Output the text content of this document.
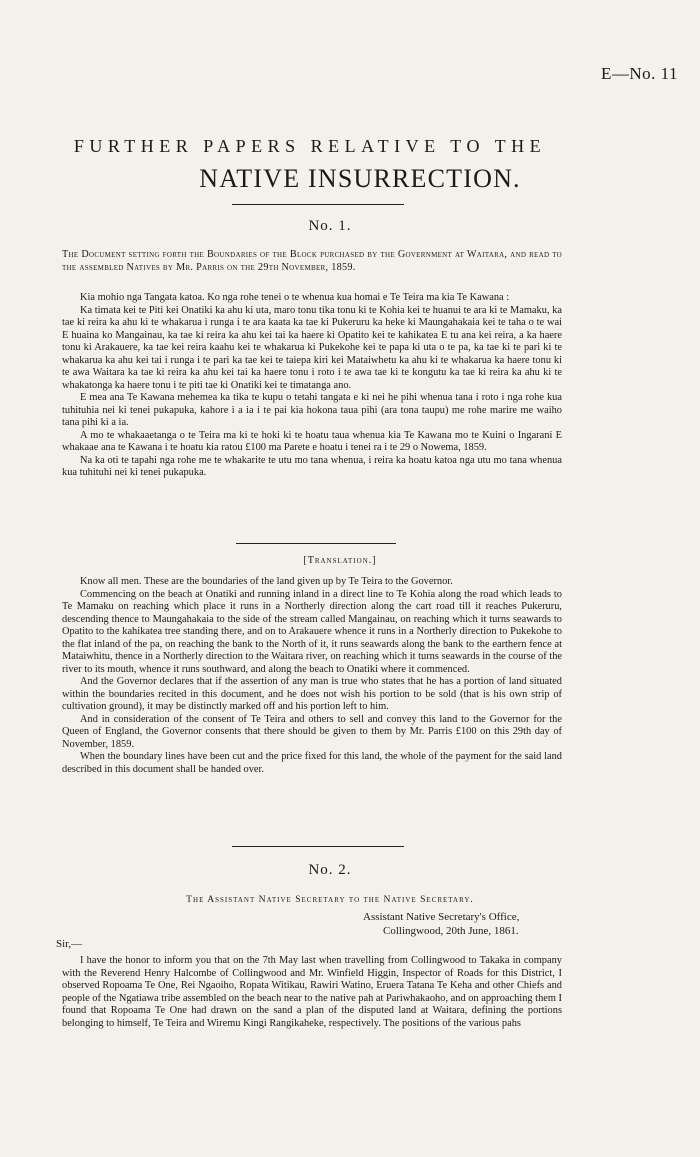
E—No. 11
FURTHER PAPERS RELATIVE TO THE
NATIVE INSURRECTION.
No. 1.
The Document setting forth the Boundaries of the Block purchased by the Government at Waitara, and read to the assembled Natives by Mr. Parris on the 29th November, 1859.

Kia mohio nga Tangata katoa. Ko nga rohe tenei o te whenua kua homai e Te Teira ma kia Te Kawana :

Ka timata kei te Piti kei Onatiki ka ahu ki uta, maro tonu tika tonu ki te Kohia kei te huanui te ara ki te Mamaku, ka tae ki reira ka ahu ki te whakarua i runga i te ara kaata ka tae ki Pukeruru ka heke ki Maungahakaia kei te taha o te wai E huaina ko Mangainau, ka tae ki reira ka ahu kei tai ka haere ki Opatito kei te kahikatea E tu ana kei reira, a ka haere tonu ki Arakauere, ka tae kei reira kaahu kei te whakarua ki Pukekohe kei te papa ki uta o te pa, ka tae ki te pari ki te whakarua ka ahu kei tai i runga i te pari ka tae kei te taiepa kiri kei Mataiwhetu ka ahu ki te whakarua ka haere tonu ki te awa Waitara ka tae ki reira ka ahu kei tai ka haere tonu i roto i te awa tae ki te kongutu ka tae ki reira ka ahu ki te whakatonga ka haere tonu i te piti tae ki Onatiki kei te timatanga ano.

E mea ana Te Kawana mehemea ka tika te kupu o tetahi tangata e ki nei he pihi whenua tana i roto i nga rohe kua tuhituhia nei ki tenei pukapuka, kahore i a ia i te pai kia hokona taua pihi (ara tona taupu) me rohe marire me waiho tana pihi ki a ia.

A mo te whakaaetanga o te Teira ma ki te hoki ki te hoatu taua whenua kia Te Kawana mo te Kuini o Ingarani E whakaae ana te Kawana i te hoatu kia ratou £100 ma Parete e hoatu i tenei ra i te 29 o Nowema, 1859.

Na ka oti te tapahi nga rohe me te whakarite te utu mo tana whenua, i reira ka hoatu katoa nga utu mo tana whenua kua tuhituhi nei ki tenei pukapuka.

[Translation.]

Know all men. These are the boundaries of the land given up by Te Teira to the Governor.

Commencing on the beach at Onatiki and running inland in a direct line to Te Kohia along the road which leads to Te Mamaku on reaching which place it runs in a Northerly direction along the cart road till it reaches Pukeruru, descending thence to Maungahakaia to the side of the stream called Mangainau, on reaching which it turns seawards to Opatito to the kahikatea tree standing there, and on to Arakauere whence it runs in a Northerly direction to Pukekohe to the flat inland of the pa, on reaching the bank to the North of it, it runs seawards along the bank to the earthern fence at Mataiwhitu, thence in a Northerly direction to the Waitara river, on reaching which it turns seawards in the course of the river to its mouth, whence it runs southward, and along the beach to Onatiki where it commenced.

And the Governor declares that if the assertion of any man is true who states that he has a portion of land situated within the boundaries recited in this document, and he does not wish his portion to be sold (that is his own strip of cultivation ground), it may be distinctly marked off and his portion left to him.

And in consideration of the consent of Te Teira and others to sell and convey this land to the Governor for the Queen of England, the Governor consents that there should be given to them by Mr. Parris £100 on this 29th day of November, 1859.

When the boundary lines have been cut and the price fixed for this land, the whole of the payment for the said land described in this document shall be handed over.

No. 2.
The Assistant Native Secretary to the Native Secretary.
Assistant Native Secretary's Office,
Collingwood, 20th June, 1861.
Sir,—

I have the honor to inform you that on the 7th May last when travelling from Collingwood to Takaka in company with the Reverend Henry Halcombe of Collingwood and Mr. Winfield Higgin, Inspector of Roads for this District, I observed Ropoama Te One, Rei Ngaoiho, Ropata Witikau, Rawiri Watino, Eruera Tatana Te Keha and other Chiefs and people of the Ngatiawa tribe assembled on the beach near to the native pah at Pariwhakaoho, and on approaching them I found that Ropoama Te One had drawn on the sand a plan of the disputed land at Waitara, defining the portions belonging to himself, Te Teira and Wiremu Kingi Rangikaheke, respectively. The positions of the various pahs
